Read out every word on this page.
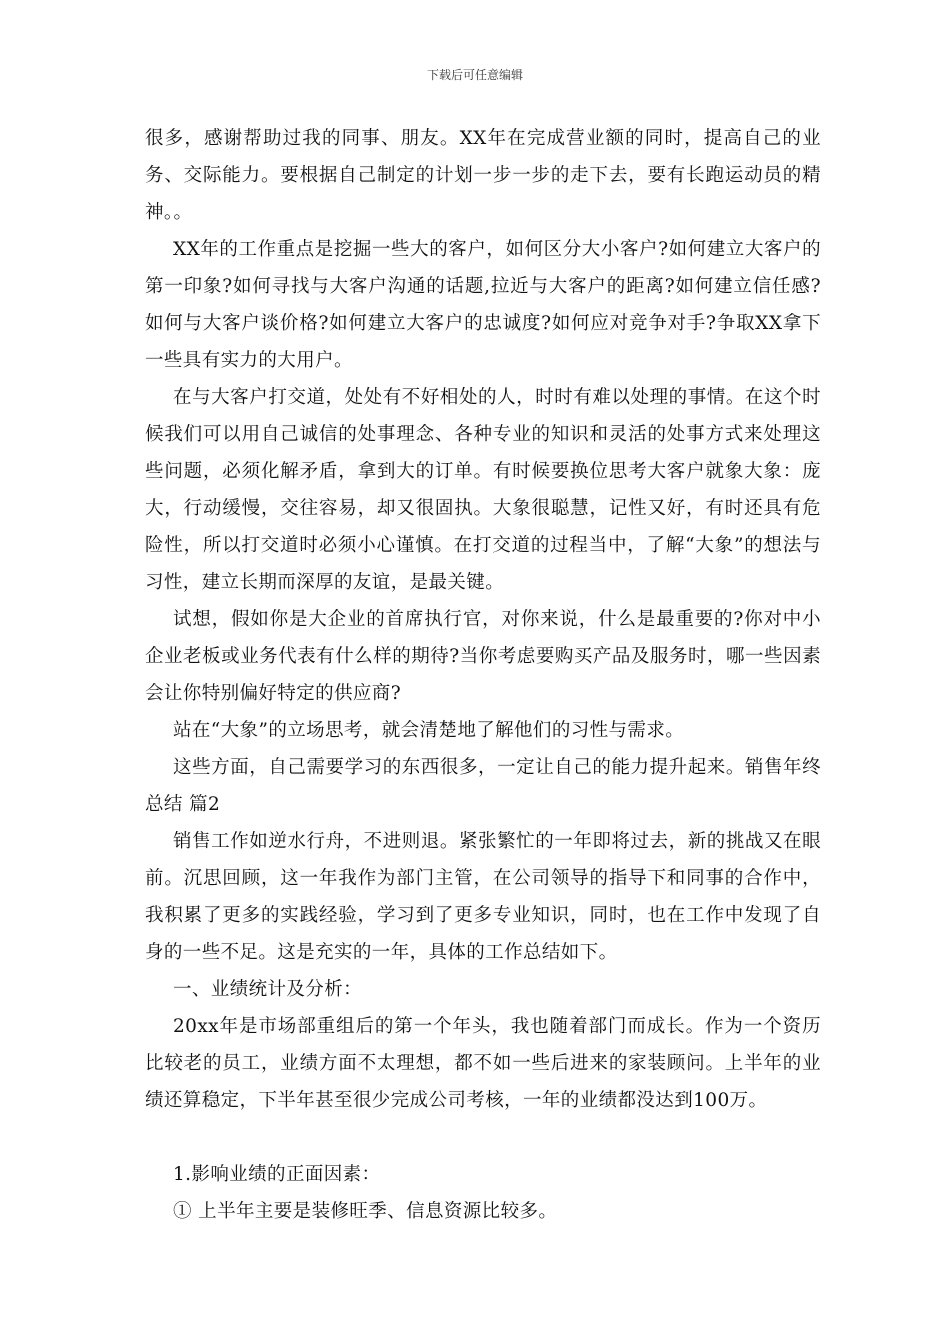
下载后可任意编辑

很多，感谢帮助过我的同事、朋友。XX年在完成营业额的同时，提高自己的业务、交际能力。要根据自己制定的计划一步一步的走下去，要有长跑运动员的精神。。

XX年的工作重点是挖掘一些大的客户，如何区分大小客户?如何建立大客户的第一印象?如何寻找与大客户沟通的话题,拉近与大客户的距离?如何建立信任感?如何与大客户谈价格?如何建立大客户的忠诚度?如何应对竞争对手?争取XX拿下一些具有实力的大用户。

在与大客户打交道，处处有不好相处的人，时时有难以处理的事情。在这个时候我们可以用自己诚信的处事理念、各种专业的知识和灵活的处事方式来处理这些问题，必须化解矛盾，拿到大的订单。有时候要换位思考大客户就象大象：庞大，行动缓慢，交往容易，却又很固执。大象很聪慧，记性又好，有时还具有危险性，所以打交道时必须小心谨慎。在打交道的过程当中，了解“大象”的想法与习性，建立长期而深厚的友谊，是最关键。

试想，假如你是大企业的首席执行官，对你来说，什么是最重要的?你对中小企业老板或业务代表有什么样的期待?当你考虑要购买产品及服务时，哪一些因素会让你特别偏好特定的供应商?

站在“大象”的立场思考，就会清楚地了解他们的习性与需求。

这些方面，自己需要学习的东西很多，一定让自己的能力提升起来。销售年终总结 篇2

销售工作如逆水行舟，不进则退。紧张繁忙的一年即将过去，新的挑战又在眼前。沉思回顾，这一年我作为部门主管，在公司领导的指导下和同事的合作中，我积累了更多的实践经验，学习到了更多专业知识，同时，也在工作中发现了自身的一些不足。这是充实的一年，具体的工作总结如下。

一、业绩统计及分析：

20xx年是市场部重组后的第一个年头，我也随着部门而成长。作为一个资历比较老的员工，业绩方面不太理想，都不如一些后进来的家装顾问。上半年的业绩还算稳定，下半年甚至很少完成公司考核，一年的业绩都没达到100万。

1.影响业绩的正面因素：

① 上半年主要是装修旺季、信息资源比较多。
